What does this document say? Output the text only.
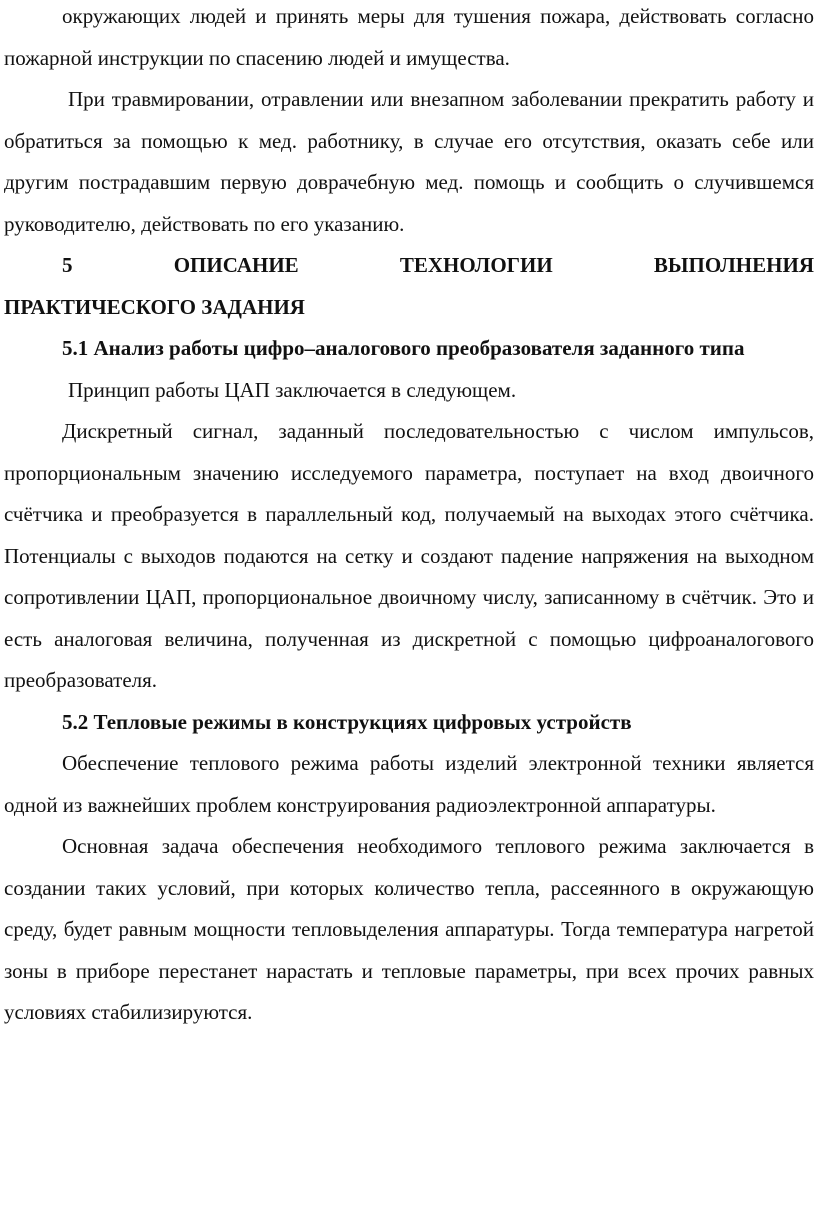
окружающих людей и принять меры для тушения пожара, действовать согласно пожарной инструкции по спасению людей и имущества.

При травмировании, отравлении или внезапном заболевании прекратить работу и обратиться за помощью к мед. работнику, в случае его отсутствия, оказать себе или другим пострадавшим первую доврачебную мед. помощь и сообщить о случившемся руководителю, действовать по его указанию.

5	ОПИСАНИЕ	ТЕХНОЛОГИИ	ВЫПОЛНЕНИЯ
ПРАКТИЧЕСКОГО ЗАДАНИЯ

5.1 Анализ работы цифро–аналогового преобразователя заданного типа

Принцип работы ЦАП заключается в следующем.

Дискретный сигнал, заданный последовательностью с числом импульсов, пропорциональным значению исследуемого параметра, поступает на вход двоичного счётчика и преобразуется в параллельный код, получаемый на выходах этого счётчика. Потенциалы с выходов подаются на сетку и создают падение напряжения на выходном сопротивлении ЦАП, пропорциональное двоичному числу, записанному в счётчик. Это и есть аналоговая величина, полученная из дискретной с помощью цифроаналогового преобразователя.

5.2 Тепловые режимы в конструкциях цифровых устройств

Обеспечение теплового режима работы изделий электронной техники является одной из важнейших проблем конструирования радиоэлектронной аппаратуры.

Основная задача обеспечения необходимого теплового режима заключается в создании таких условий, при которых количество тепла, рассеянного в окружающую среду, будет равным мощности тепловыделения аппаратуры. Тогда температура нагретой зоны в приборе перестанет нарастать и тепловые параметры, при всех прочих равных условиях стабилизируются.
